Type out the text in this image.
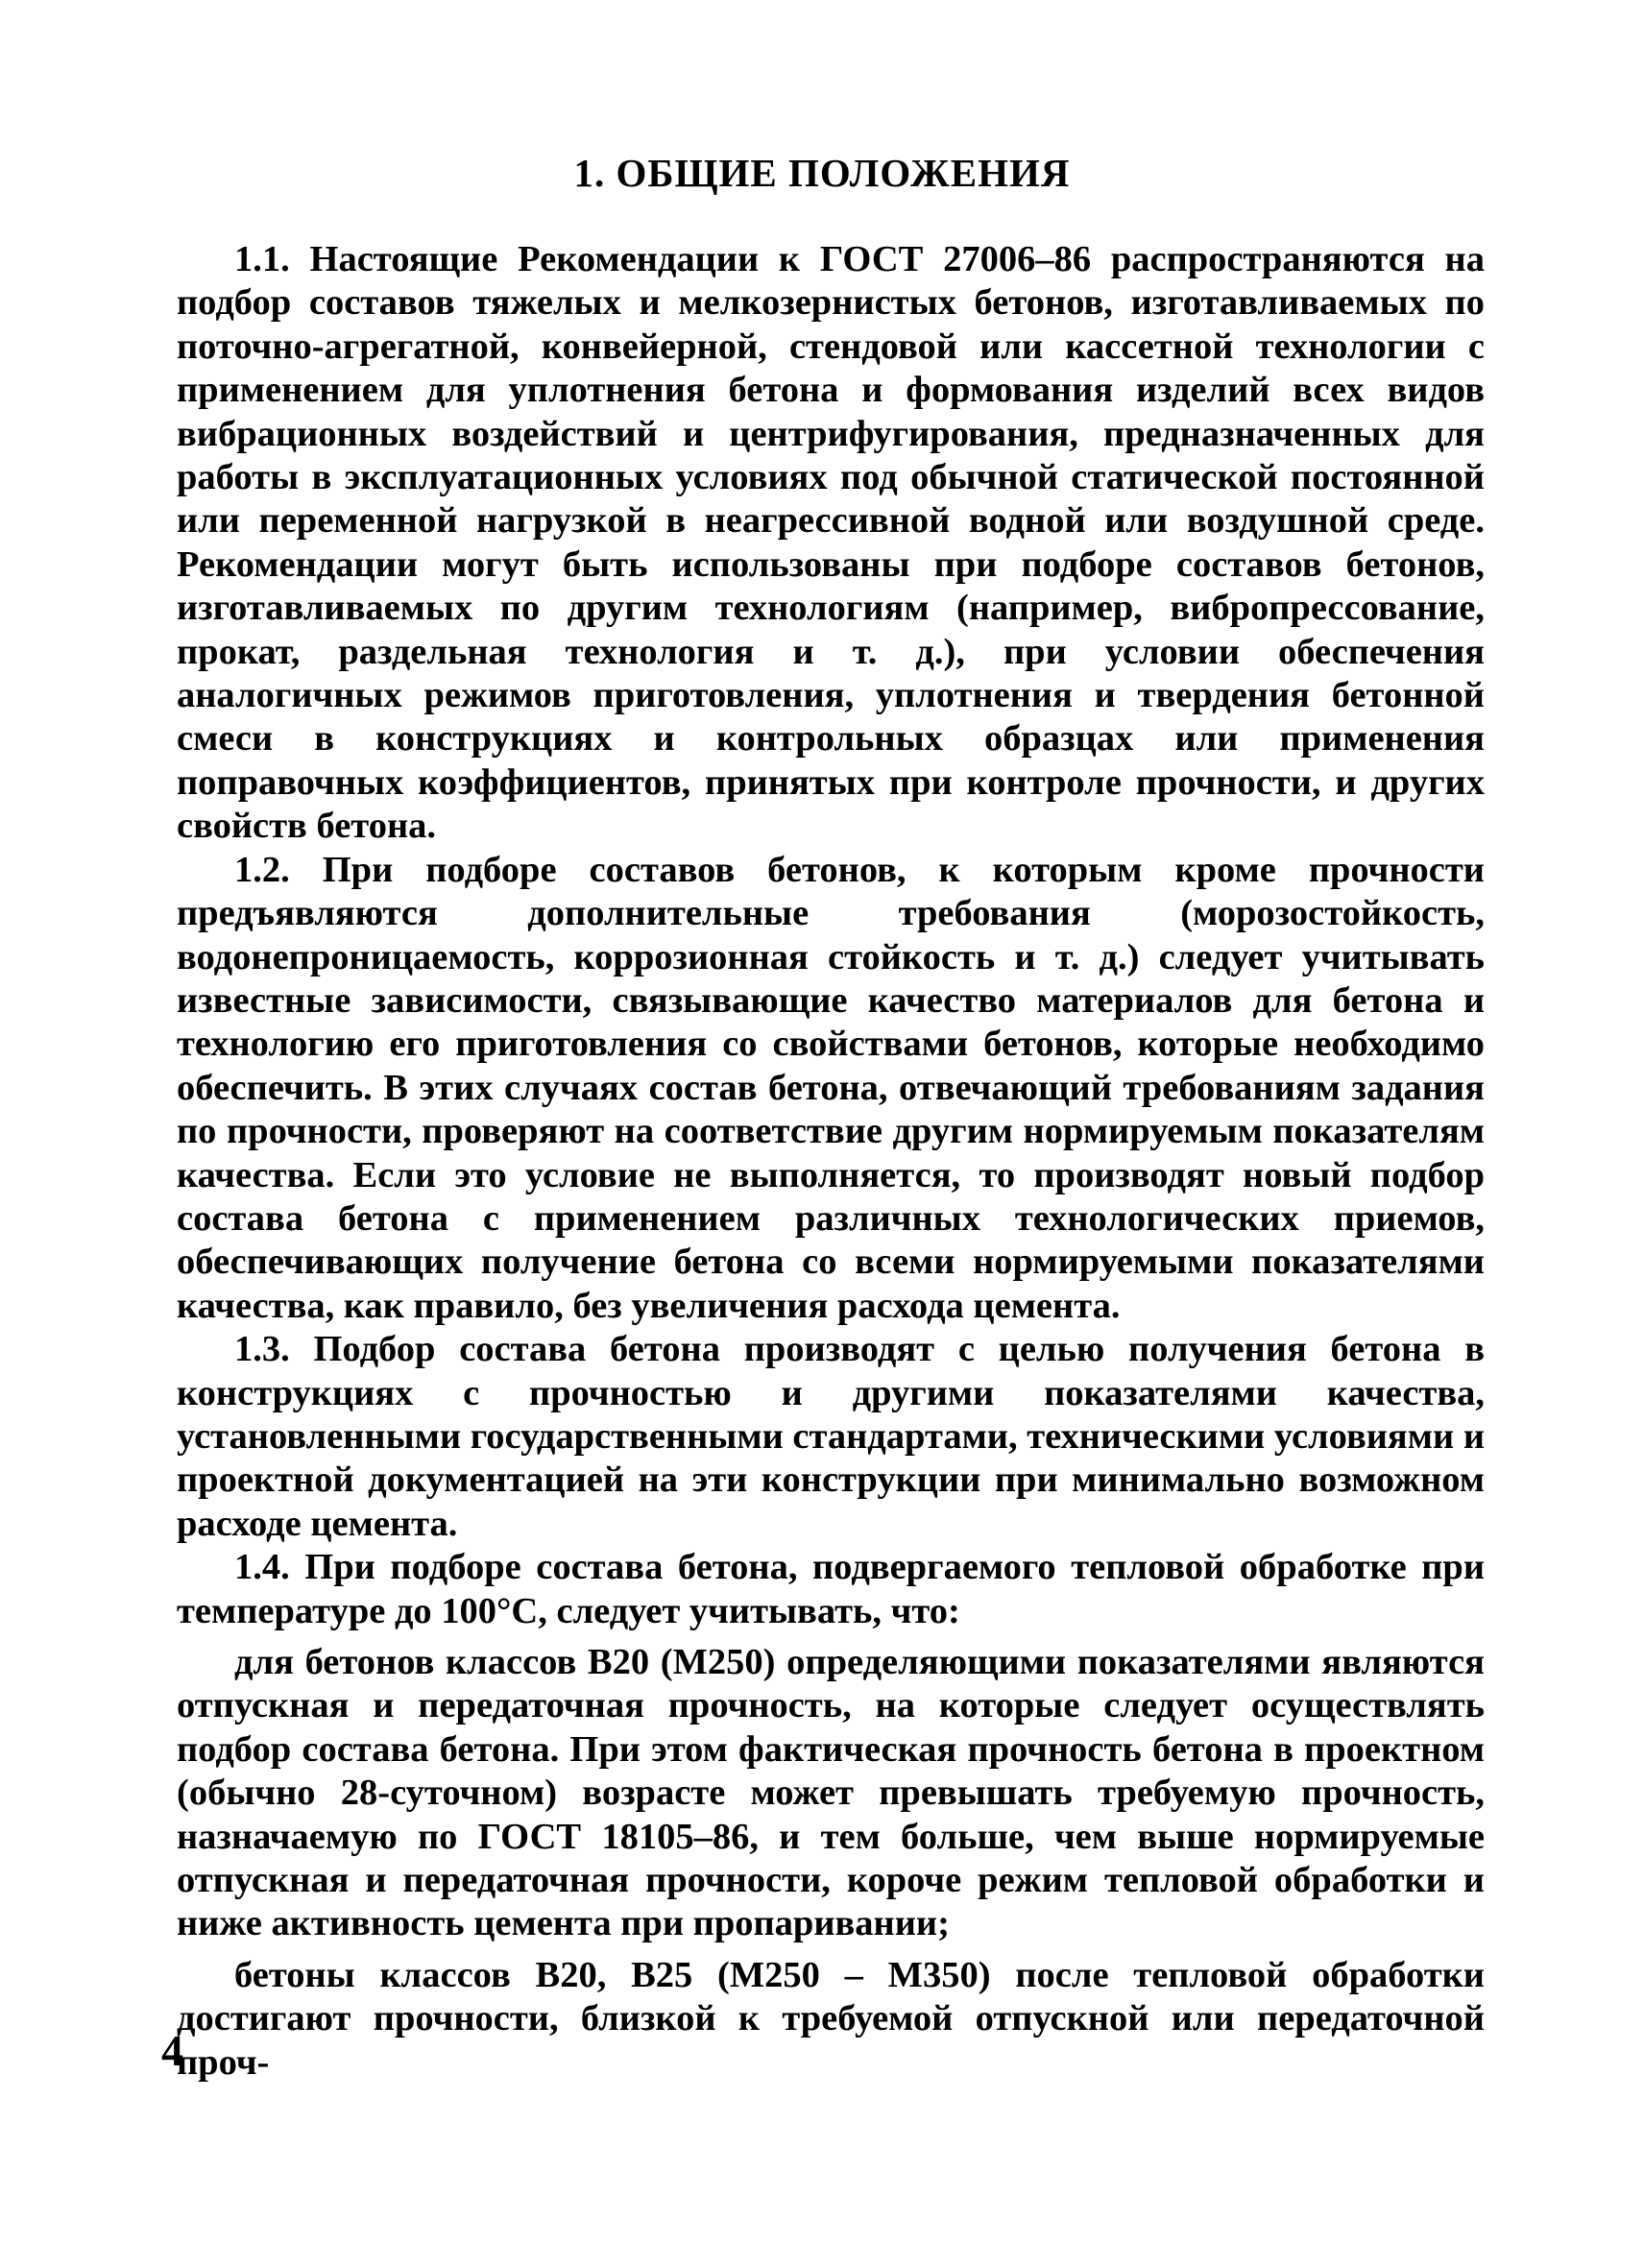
1. ОБЩИЕ ПОЛОЖЕНИЯ

1.1. Настоящие Рекомендации к ГОСТ 27006–86 распространяются на подбор составов тяжелых и мелкозернистых бетонов, изготавливаемых по поточно-агрегатной, конвейерной, стендовой или кассетной технологии с применением для уплотнения бетона и формования изделий всех видов вибрационных воздействий и центрифугирования, предназначенных для работы в эксплуатационных условиях под обычной статической постоянной или переменной нагрузкой в неагрессивной водной или воздушной среде. Рекомендации могут быть использованы при подборе составов бетонов, изготавливаемых по другим технологиям (например, вибропрессование, прокат, раздельная технология и т. д.), при условии обеспечения аналогичных режимов приготовления, уплотнения и твердения бетонной смеси в конструкциях и контрольных образцах или применения поправочных коэффициентов, принятых при контроле прочности, и других свойств бетона.

1.2. При подборе составов бетонов, к которым кроме прочности предъявляются дополнительные требования (морозостойкость, водонепроницаемость, коррозионная стойкость и т. д.) следует учитывать известные зависимости, связывающие качество материалов для бетона и технологию его приготовления со свойствами бетонов, которые необходимо обеспечить. В этих случаях состав бетона, отвечающий требованиям задания по прочности, проверяют на соответствие другим нормируемым показателям качества. Если это условие не выполняется, то производят новый подбор состава бетона с применением различных технологических приемов, обеспечивающих получение бетона со всеми нормируемыми показателями качества, как правило, без увеличения расхода цемента.

1.3. Подбор состава бетона производят с целью получения бетона в конструкциях с прочностью и другими показателями качества, установленными государственными стандартами, техническими условиями и проектной документацией на эти конструкции при минимально возможном расходе цемента.

1.4. При подборе состава бетона, подвергаемого тепловой обработке при температуре до 100°С, следует учитывать, что:

для бетонов классов В20 (М250) определяющими показателями являются отпускная и передаточная прочность, на которые следует осуществлять подбор состава бетона. При этом фактическая прочность бетона в проектном (обычно 28-суточном) возрасте может превышать требуемую прочность, назначаемую по ГОСТ 18105–86, и тем больше, чем выше нормируемые отпускная и передаточная прочности, короче режим тепловой обработки и ниже активность цемента при пропаривании;

бетоны классов В20, В25 (М250 – М350) после тепловой обработки достигают прочности, близкой к требуемой отпускной или передаточной проч-

4
